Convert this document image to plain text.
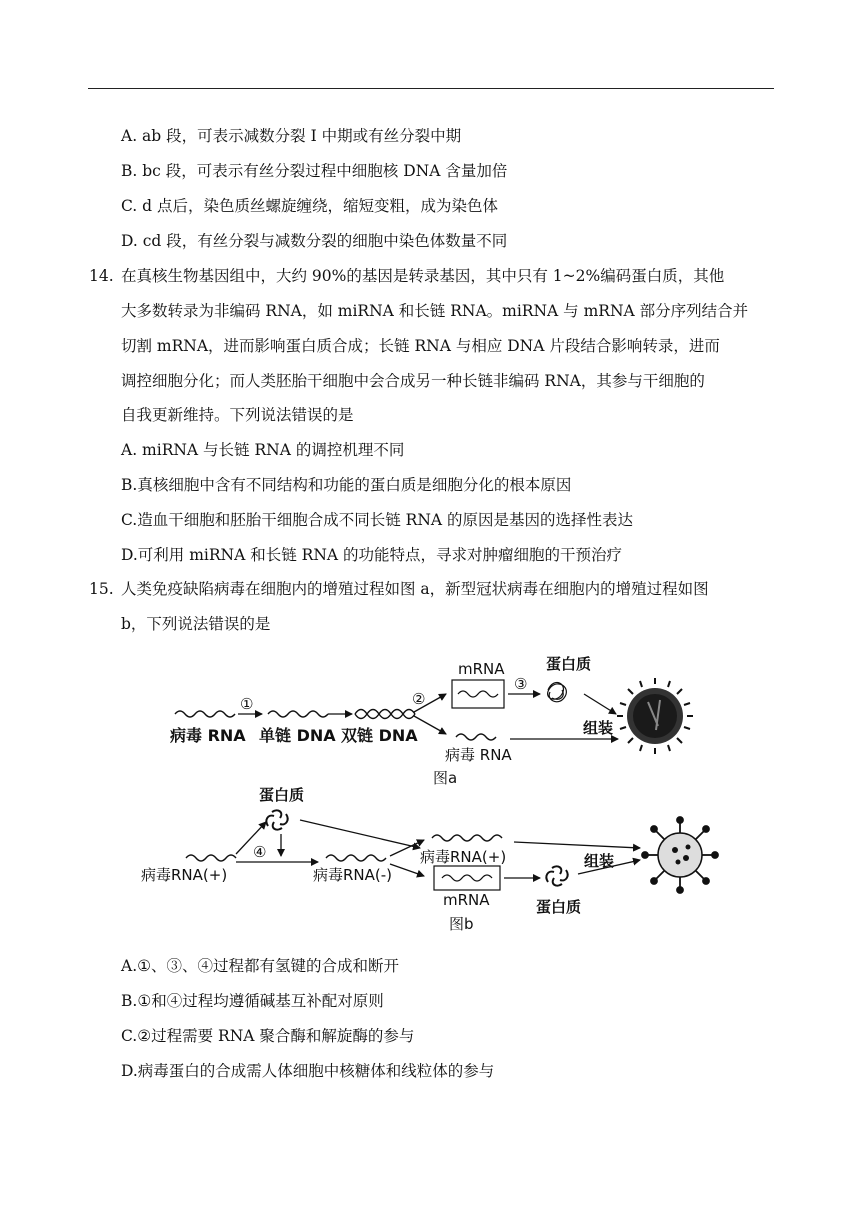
A. ab 段，可表示减数分裂 I 中期或有丝分裂中期
B. bc 段，可表示有丝分裂过程中细胞核 DNA 含量加倍
C. d 点后，染色质丝螺旋缠绕，缩短变粗，成为染色体
D. cd 段，有丝分裂与减数分裂的细胞中染色体数量不同
14. 在真核生物基因组中，大约 90%的基因是转录基因，其中只有 1~2%编码蛋白质，其他
大多数转录为非编码 RNA，如 miRNA 和长链 RNA。miRNA 与 mRNA 部分序列结合并
切割 mRNA，进而影响蛋白质合成；长链 RNA 与相应 DNA 片段结合影响转录，进而
调控细胞分化；而人类胚胎干细胞中会合成另一种长链非编码 RNA，其参与干细胞的
自我更新维持。下列说法错误的是
A. miRNA 与长链 RNA 的调控机理不同
B.真核细胞中含有不同结构和功能的蛋白质是细胞分化的根本原因
C.造血干细胞和胚胎干细胞合成不同长链 RNA 的原因是基因的选择性表达
D.可利用 miRNA 和长链 RNA 的功能特点，寻求对肿瘤细胞的干预治疗
15. 人类免疫缺陷病毒在细胞内的增殖过程如图 a，新型冠状病毒在细胞内的增殖过程如图
b，下列说法错误的是
①
病毒 RNA 单链 DNA 双链 DNA
②
mRNA
③
蛋白质
组装
病毒 RNA
图a
蛋白质
④
病毒RNA(+)	病毒RNA(-)
病毒RNA(+)
mRNA	蛋白质
组装
图b
A.①、③、④过程都有氢键的合成和断开
B.①和④过程均遵循碱基互补配对原则
C.②过程需要 RNA 聚合酶和解旋酶的参与
D.病毒蛋白的合成需人体细胞中核糖体和线粒体的参与
